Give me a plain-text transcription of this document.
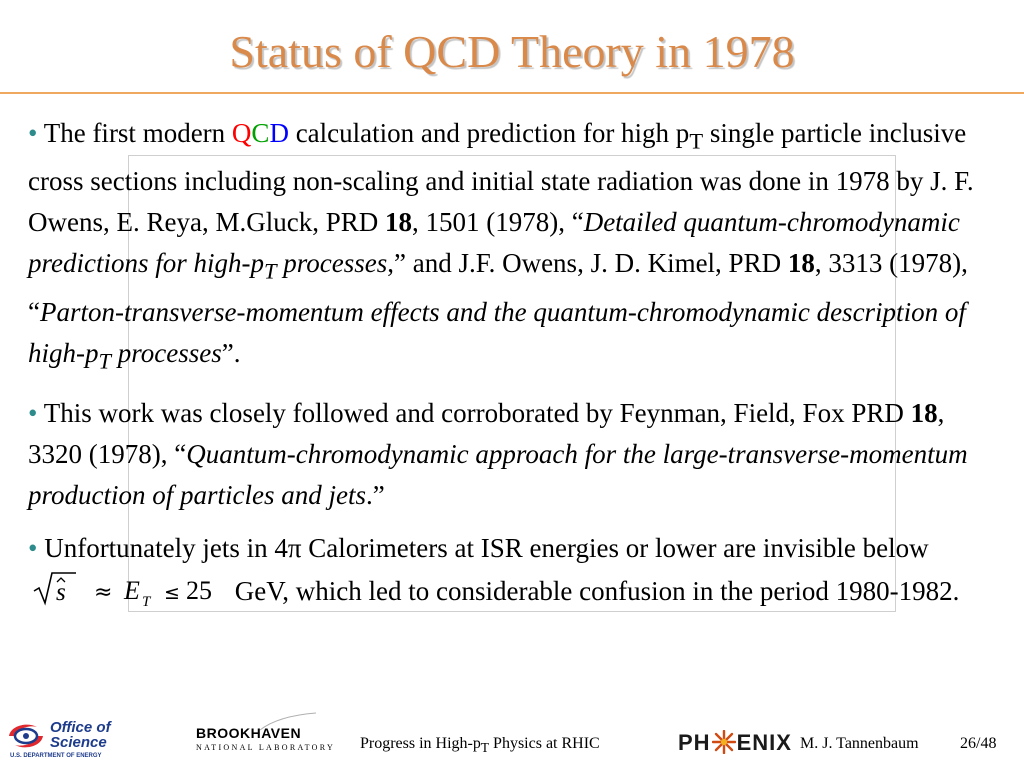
Status of QCD Theory in 1978

• The first modern QCD calculation and prediction for high $p_T$ single particle inclusive cross sections including non-scaling and initial state radiation was done in 1978 by J. F. Owens, E. Reya, M.Gluck, PRD 18, 1501 (1978), “Detailed quantum-chromodynamic predictions for high-$p_T$ processes,” and J.F. Owens, J. D. Kimel, PRD 18, 3313 (1978), “Parton-transverse-momentum effects and the quantum-chromodynamic description of high-$p_T$ processes”.

• This work was closely followed and corroborated by Feynman, Field, Fox PRD 18, 3320 (1978), “Quantum-chromodynamic approach for the large-transverse-momentum production of particles and jets.”

• Unfortunately jets in 4π Calorimeters at ISR energies or lower are invisible below
s ≈ E T ≤ 25 GeV, which led to considerable confusion in the period 1980-1982.

Office of
Science
U.S. DEPARTMENT OF ENERGY
BROOKHAVEN
NATIONAL LABORATORY Progress in High-$p_T$ Physics at RHIC	PH ENIX M. J. Tannenbaum	26/48
